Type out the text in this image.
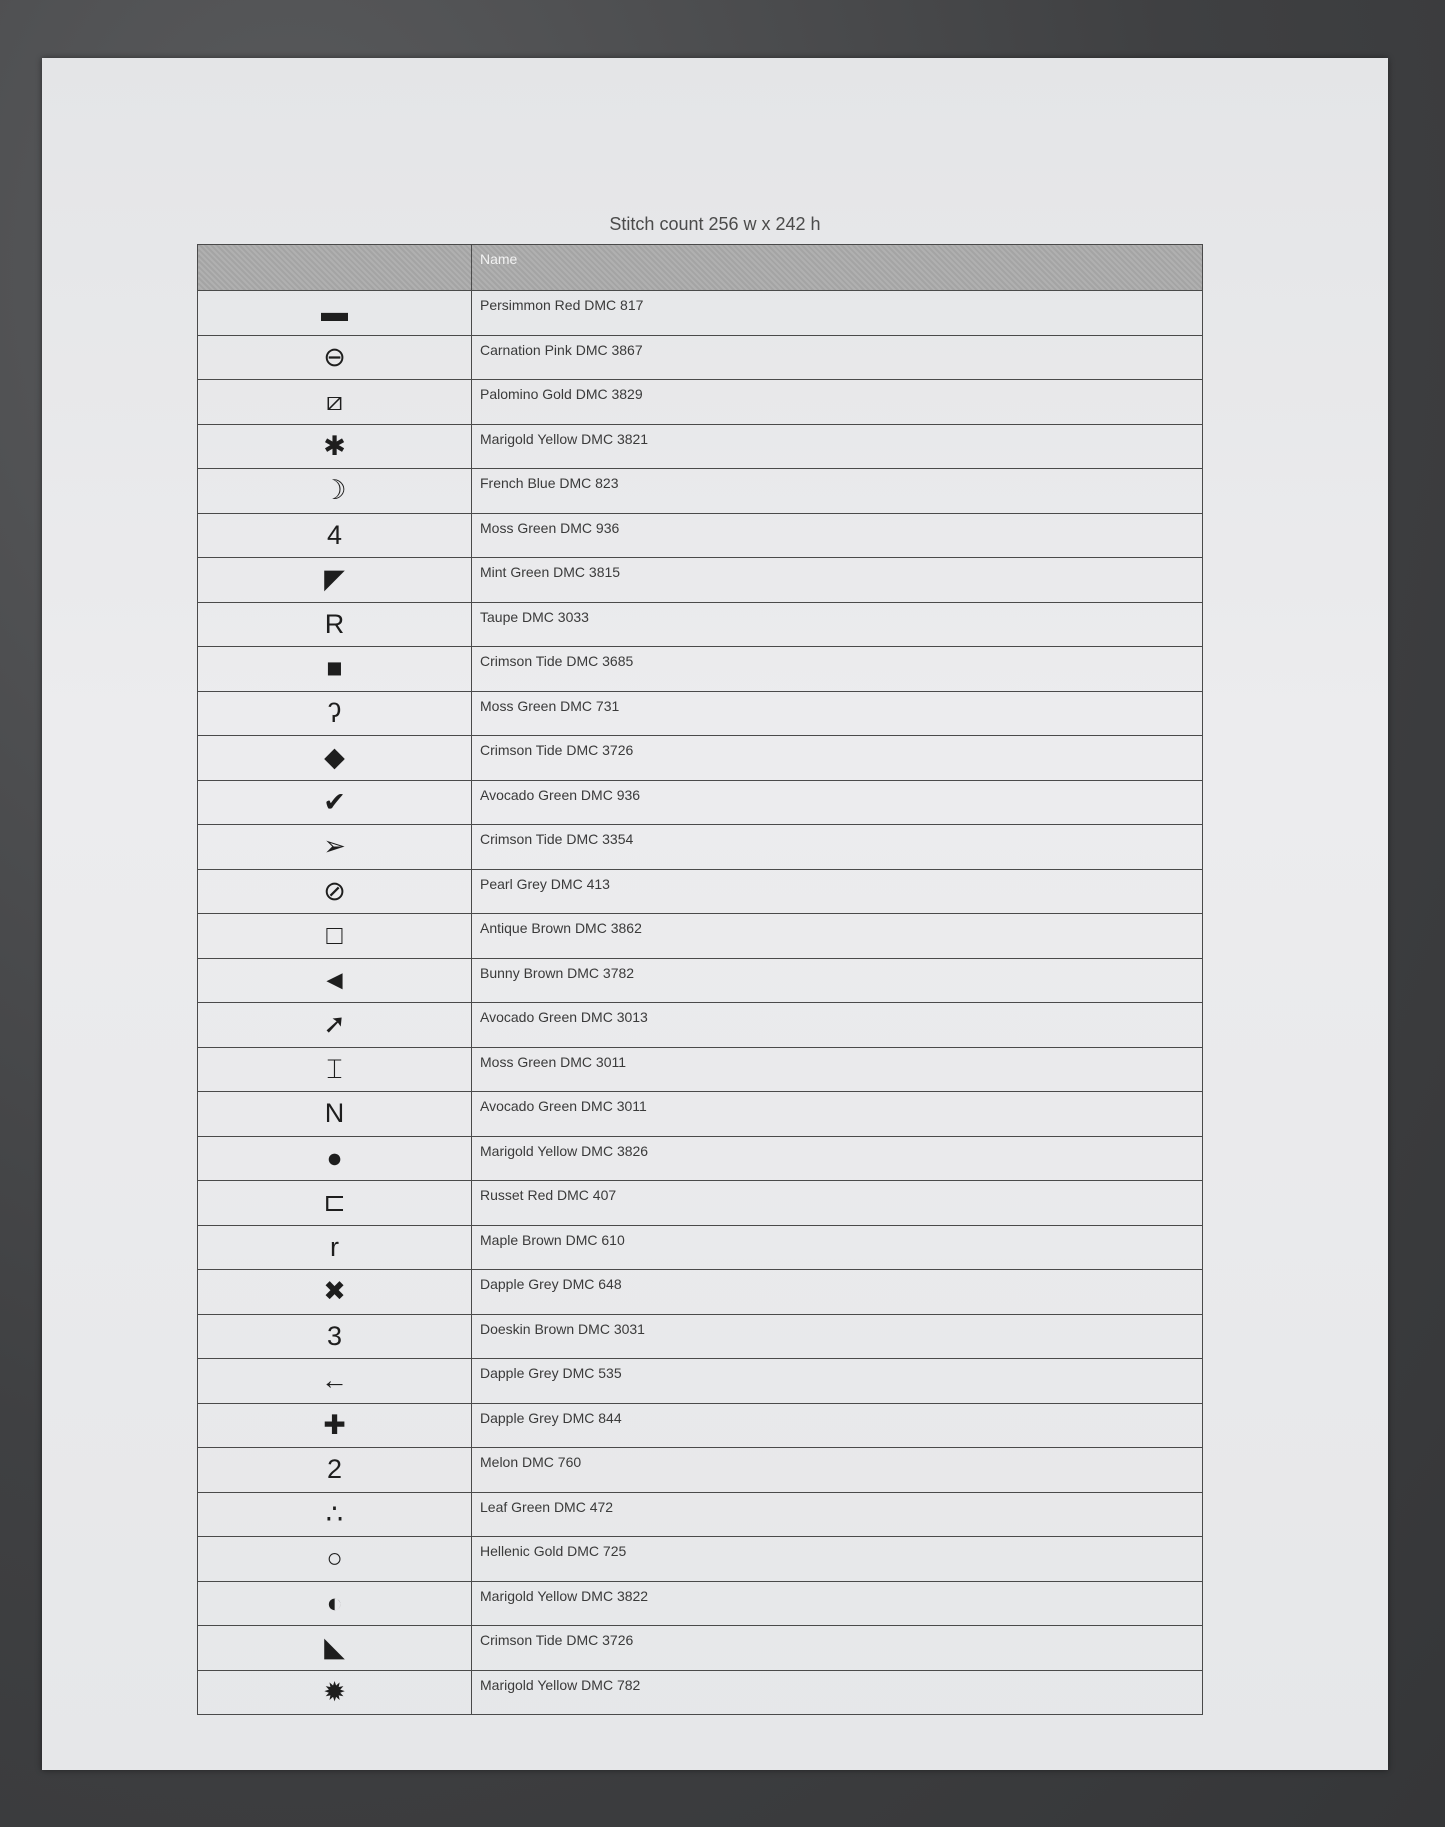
Stitch count 256 w x 242 h
	Name
▬	Persimmon Red DMC 817
⊖	Carnation Pink DMC 3867
⧄	Palomino Gold DMC 3829
✱	Marigold Yellow DMC 3821
☽	French Blue DMC 823
4	Moss Green DMC 936
◤	Mint Green DMC 3815
R	Taupe DMC 3033
■	Crimson Tide DMC 3685
ʔ	Moss Green DMC 731
◆	Crimson Tide DMC 3726
✔	Avocado Green DMC 936
➢	Crimson Tide DMC 3354
⊘	Pearl Grey DMC 413
□	Antique Brown DMC 3862
◄	Bunny Brown DMC 3782
➚	Avocado Green DMC 3013
⌶	Moss Green DMC 3011
N	Avocado Green DMC 3011
●	Marigold Yellow DMC 3826
⊏	Russet Red DMC 407
r	Maple Brown DMC 610
✖	Dapple Grey DMC 648
3	Doeskin Brown DMC 3031
←	Dapple Grey DMC 535
✚	Dapple Grey DMC 844
2	Melon DMC 760
∴	Leaf Green DMC 472
○	Hellenic Gold DMC 725
◐	Marigold Yellow DMC 3822
◣	Crimson Tide DMC 3726
✹	Marigold Yellow DMC 782
